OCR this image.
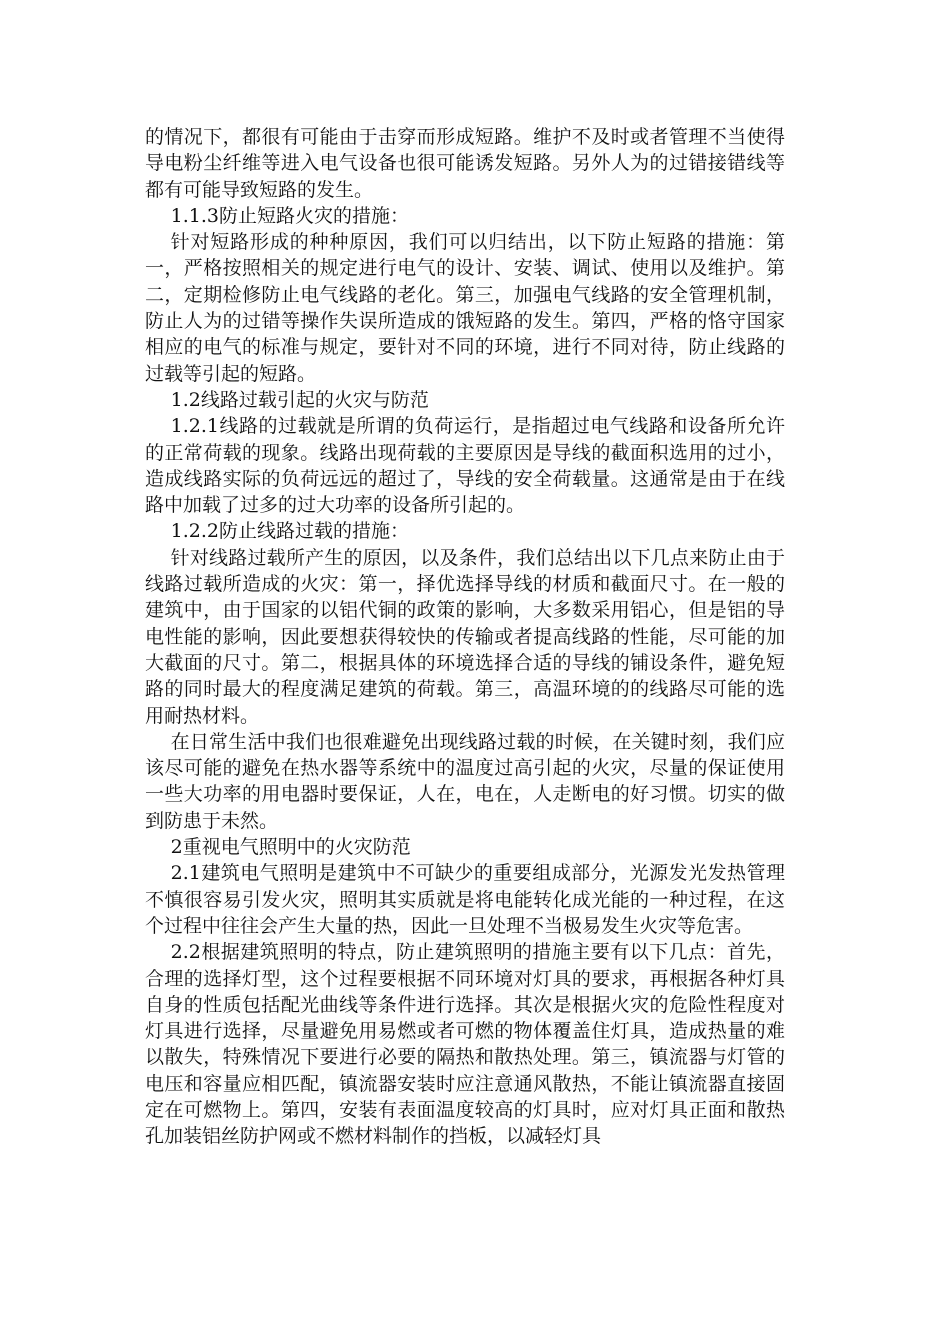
的情况下，都很有可能由于击穿而形成短路。维护不及时或者管理不当使得导电粉尘纤维等进入电气设备也很可能诱发短路。另外人为的过错接错线等都有可能导致短路的发生。

1.1.3防止短路火灾的措施：

针对短路形成的种种原因，我们可以归结出，以下防止短路的措施：第一，严格按照相关的规定进行电气的设计、安装、调试、使用以及维护。第二，定期检修防止电气线路的老化。第三，加强电气线路的安全管理机制，防止人为的过错等操作失误所造成的饿短路的发生。第四，严格的恪守国家相应的电气的标准与规定，要针对不同的环境，进行不同对待，防止线路的过载等引起的短路。

1.2线路过载引起的火灾与防范

1.2.1线路的过载就是所谓的负荷运行，是指超过电气线路和设备所允许的正常荷载的现象。线路出现荷载的主要原因是导线的截面积选用的过小，造成线路实际的负荷远远的超过了，导线的安全荷载量。这通常是由于在线路中加载了过多的过大功率的设备所引起的。

1.2.2防止线路过载的措施：

针对线路过载所产生的原因，以及条件，我们总结出以下几点来防止由于线路过载所造成的火灾：第一，择优选择导线的材质和截面尺寸。在一般的建筑中，由于国家的以铝代铜的政策的影响，大多数采用铝心，但是铝的导电性能的影响，因此要想获得较快的传输或者提高线路的性能，尽可能的加大截面的尺寸。第二，根据具体的环境选择合适的导线的铺设条件，避免短路的同时最大的程度满足建筑的荷载。第三，高温环境的的线路尽可能的选用耐热材料。

在日常生活中我们也很难避免出现线路过载的时候，在关键时刻，我们应该尽可能的避免在热水器等系统中的温度过高引起的火灾，尽量的保证使用一些大功率的用电器时要保证，人在，电在，人走断电的好习惯。切实的做到防患于未然。

2重视电气照明中的火灾防范

2.1建筑电气照明是建筑中不可缺少的重要组成部分，光源发光发热管理不慎很容易引发火灾，照明其实质就是将电能转化成光能的一种过程，在这个过程中往往会产生大量的热，因此一旦处理不当极易发生火灾等危害。

2.2根据建筑照明的特点，防止建筑照明的措施主要有以下几点：首先，合理的选择灯型，这个过程要根据不同环境对灯具的要求，再根据各种灯具自身的性质包括配光曲线等条件进行选择。其次是根据火灾的危险性程度对灯具进行选择，尽量避免用易燃或者可燃的物体覆盖住灯具，造成热量的难以散失，特殊情况下要进行必要的隔热和散热处理。第三，镇流器与灯管的电压和容量应相匹配，镇流器安装时应注意通风散热，不能让镇流器直接固定在可燃物上。第四，安装有表面温度较高的灯具时，应对灯具正面和散热孔加装铝丝防护网或不燃材料制作的挡板，以减轻灯具
